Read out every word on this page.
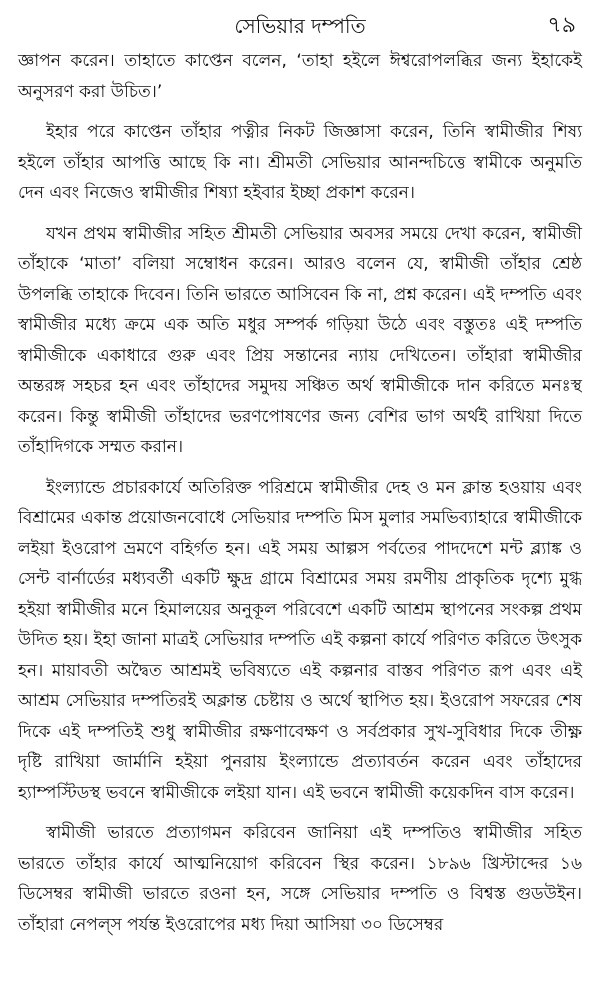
সেভিয়ার দম্পতি	৭৯

জ্ঞাপন করেন। তাহাতে কাপ্তেন বলেন, ‘তাহা হইলে ঈশ্বরোপলব্ধির জন্য ইহাকেই অনুসরণ করা উচিত।’

ইহার পরে কাপ্তেন তাঁহার পত্নীর নিকট জিজ্ঞাসা করেন, তিনি স্বামীজীর শিষ্য হইলে তাঁহার আপত্তি আছে কি না। শ্রীমতী সেভিয়ার আনন্দচিত্তে স্বামীকে অনুমতি দেন এবং নিজেও স্বামীজীর শিষ্যা হইবার ইচ্ছা প্রকাশ করেন।

যখন প্রথম স্বামীজীর সহিত শ্রীমতী সেভিয়ার অবসর সময়ে দেখা করেন, স্বামীজী তাঁহাকে ‘মাতা’ বলিয়া সম্বোধন করেন। আরও বলেন যে, স্বামীজী তাঁহার শ্রেষ্ঠ উপলব্ধি তাহাকে দিবেন। তিনি ভারতে আসিবেন কি না, প্রশ্ন করেন। এই দম্পতি এবং স্বামীজীর মধ্যে ক্রমে এক অতি মধুর সম্পর্ক গড়িয়া উঠে এবং বস্তুতঃ এই দম্পতি স্বামীজীকে একাধারে গুরু এবং প্রিয় সন্তানের ন্যায় দেখিতেন। তাঁহারা স্বামীজীর অন্তরঙ্গ সহচর হন এবং তাঁহাদের সমুদয় সঞ্চিত অর্থ স্বামীজীকে দান করিতে মনঃস্থ করেন। কিন্তু স্বামীজী তাঁহাদের ভরণপোষণের জন্য বেশির ভাগ অর্থই রাখিয়া দিতে তাঁহাদিগকে সম্মত করান।

ইংল্যান্ডে প্রচারকার্যে অতিরিক্ত পরিশ্রমে স্বামীজীর দেহ ও মন ক্লান্ত হওয়ায় এবং বিশ্রামের একান্ত প্রয়োজনবোধে সেভিয়ার দম্পতি মিস মুলার সমভিব্যাহারে স্বামীজীকে লইয়া ইওরোপ ভ্রমণে বহির্গত হন। এই সময় আল্পস পর্বতের পাদদেশে মন্ট ব্ল্যাঙ্ক ও সেন্ট বার্নার্ডের মধ্যবর্তী একটি ক্ষুদ্র গ্রামে বিশ্রামের সময় রমণীয় প্রাকৃতিক দৃশ্যে মুগ্ধ হইয়া স্বামীজীর মনে হিমালয়ের অনুকূল পরিবেশে একটি আশ্রম স্থাপনের সংকল্প প্রথম উদিত হয়। ইহা জানা মাত্রই সেভিয়ার দম্পতি এই কল্পনা কার্যে পরিণত করিতে উৎসুক হন। মায়াবতী অদ্বৈত আশ্রমই ভবিষ্যতে এই কল্পনার বাস্তব পরিণত রূপ এবং এই আশ্রম সেভিয়ার দম্পতিরই অক্লান্ত চেষ্টায় ও অর্থে স্থাপিত হয়। ইওরোপ সফরের শেষ দিকে এই দম্পতিই শুধু স্বামীজীর রক্ষণাবেক্ষণ ও সর্বপ্রকার সুখ-সুবিধার দিকে তীক্ষ্ণ দৃষ্টি রাখিয়া জার্মানি হইয়া পুনরায় ইংল্যান্ডে প্রত্যাবর্তন করেন এবং তাঁহাদের হ্যাম্পস্টিডস্থ ভবনে স্বামীজীকে লইয়া যান। এই ভবনে স্বামীজী কয়েকদিন বাস করেন।

স্বামীজী ভারতে প্রত্যাগমন করিবেন জানিয়া এই দম্পতিও স্বামীজীর সহিত ভারতে তাঁহার কার্যে আত্মনিয়োগ করিবেন স্থির করেন। ১৮৯৬ খ্রিস্টাব্দের ১৬ ডিসেম্বর স্বামীজী ভারতে রওনা হন, সঙ্গে সেভিয়ার দম্পতি ও বিশ্বস্ত গুডউইন। তাঁহারা নেপল্‌স পর্যন্ত ইওরোপের মধ্য দিয়া আসিয়া ৩০ ডিসেম্বর
